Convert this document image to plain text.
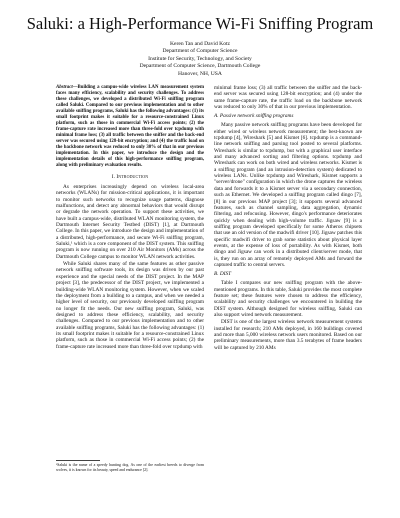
Saluki: a High-Performance Wi-Fi Sniffing Program
Keren Tan and David Kotz
Department of Computer Science
Institute for Security, Technology, and Society
Department of Computer Science, Dartmouth College
Hanover, NH, USA
Abstract—Building a campus-wide wireless LAN measurement system faces many efficiency, scalability and security challenges. To address these challenges, we developed a distributed Wi-Fi sniffing program called Saluki. Compared to our previous implementation and to other available sniffing programs, Saluki has the following advantages: (1) its small footprint makes it suitable for a resource-constrained Linux platform, such as those in commercial Wi-Fi access points; (2) the frame-capture rate increased more than three-fold over tcpdump with minimal frame loss; (3) all traffic between the sniffer and the back-end server was secured using 128-bit encryption; and (4) the traffic load on the backbone network was reduced to only 30% of that in our previous implementation. In this paper, we introduce the design and the implementation details of this high-performance sniffing program, along with preliminary evaluation results.
I. Introduction

As enterprises increasingly depend on wireless local-area networks (WLANs) for mission-critical applications, it is important to monitor such networks to recognize usage patterns, diagnose malfunctions, and detect any abnormal behaviors that would disrupt or degrade the network operation. To support these activities, we have built a campus-wide, distributed WLAN monitoring system, the Dartmouth Internet Security Testbed (DIST) [1], at Dartmouth College. In this paper, we introduce the design and implementation of a distributed, high-performance, and secure Wi-Fi sniffing program, Saluki,¹ which is a core component of the DIST system. This sniffing program is now running on over 210 Air Monitors (AMs) across the Dartmouth College campus to monitor WLAN network activities.

While Saluki shares many of the same features as other passive network sniffing software tools, its design was driven by our past experience and the special needs of the DIST project. In the MAP project [3], the predecessor of the DIST project, we implemented a building-wide WLAN monitoring system. However, when we scaled the deployment from a building to a campus, and when we needed a higher level of security, our previously developed sniffing program no longer fit the needs. Our new sniffing program, Saluki, was designed to address these efficiency, scalability, and security challenges. Compared to our previous implementation and to other available sniffing programs, Saluki has the following advantages: (1) its small footprint makes it suitable for a resource-constrained Linux platform, such as those in commercial Wi-Fi access points; (2) the frame-capture rate increased more than three-fold over tcpdump with

¹Saluki is the name of a speedy hunting dog. As one of the earliest breeds to diverge from wolves, it is known for its beauty, speed and endurance [2].

minimal frame loss; (3) all traffic between the sniffer and the back-end server was secured using 128-bit encryption; and (4) under the same frame-capture rate, the traffic load on the backbone network was reduced to only 30% of that in our previous implementation.

A. Passive network sniffing programs

Many passive network sniffing programs have been developed for either wired or wireless network measurement; the best-known are tcpdump [4], Wireshark [5] and Kismet [6]. tcpdump is a command-line network sniffing and parsing tool posted to several platforms. Wireshark is similar to tcpdump, but with a graphical user interface and many advanced sorting and filtering options. tcpdump and Wireshark can work on both wired and wireless networks. Kismet is a sniffing program (and an intrusion-detection system) dedicated to wireless LANs. Unlike tcpdump and Wireshark, Kismet supports a "server/drone" configuration in which the drone captures the wireless data and forwards it to a Kismet server via a secondary connection, such as Ethernet. We developed a sniffing program called dingo [7], [8] in our previous MAP project [3]; it supports several advanced features, such as channel sampling, data aggregation, dynamic filtering, and refocusing. However, dingo's performance deteriorates quickly when dealing with high-volume traffic. Jigsaw [9] is a sniffing program developed specifically for some Atheros chipsets that use an old version of the madwifi driver [10]. Jigsaw patches this specific madwifi driver to grab some statistics about physical layer events, at the expense of loss of portability. As with Kismet, both dingo and Jigsaw can work in a distributed client/server mode, that is, they run on an array of remotely deployed AMs and forward the captured traffic to central servers.

B. DIST

Table I compares our new sniffing program with the above-mentioned programs. In this table, Saluki provides the most complete feature set; these features were chosen to address the efficiency, scalability and security challenges we encountered in building the DIST system. Although designed for wireless sniffing, Saluki can also support wired network measurement.

DIST is one of the largest wireless network measurement systems installed for research; 210 AMs deployed, in 160 buildings covered and more than 5,000 wireless network users monitored. Based on our preliminary measurements, more than 3.5 terabytes of frame headers will be captured by 210 AMs
